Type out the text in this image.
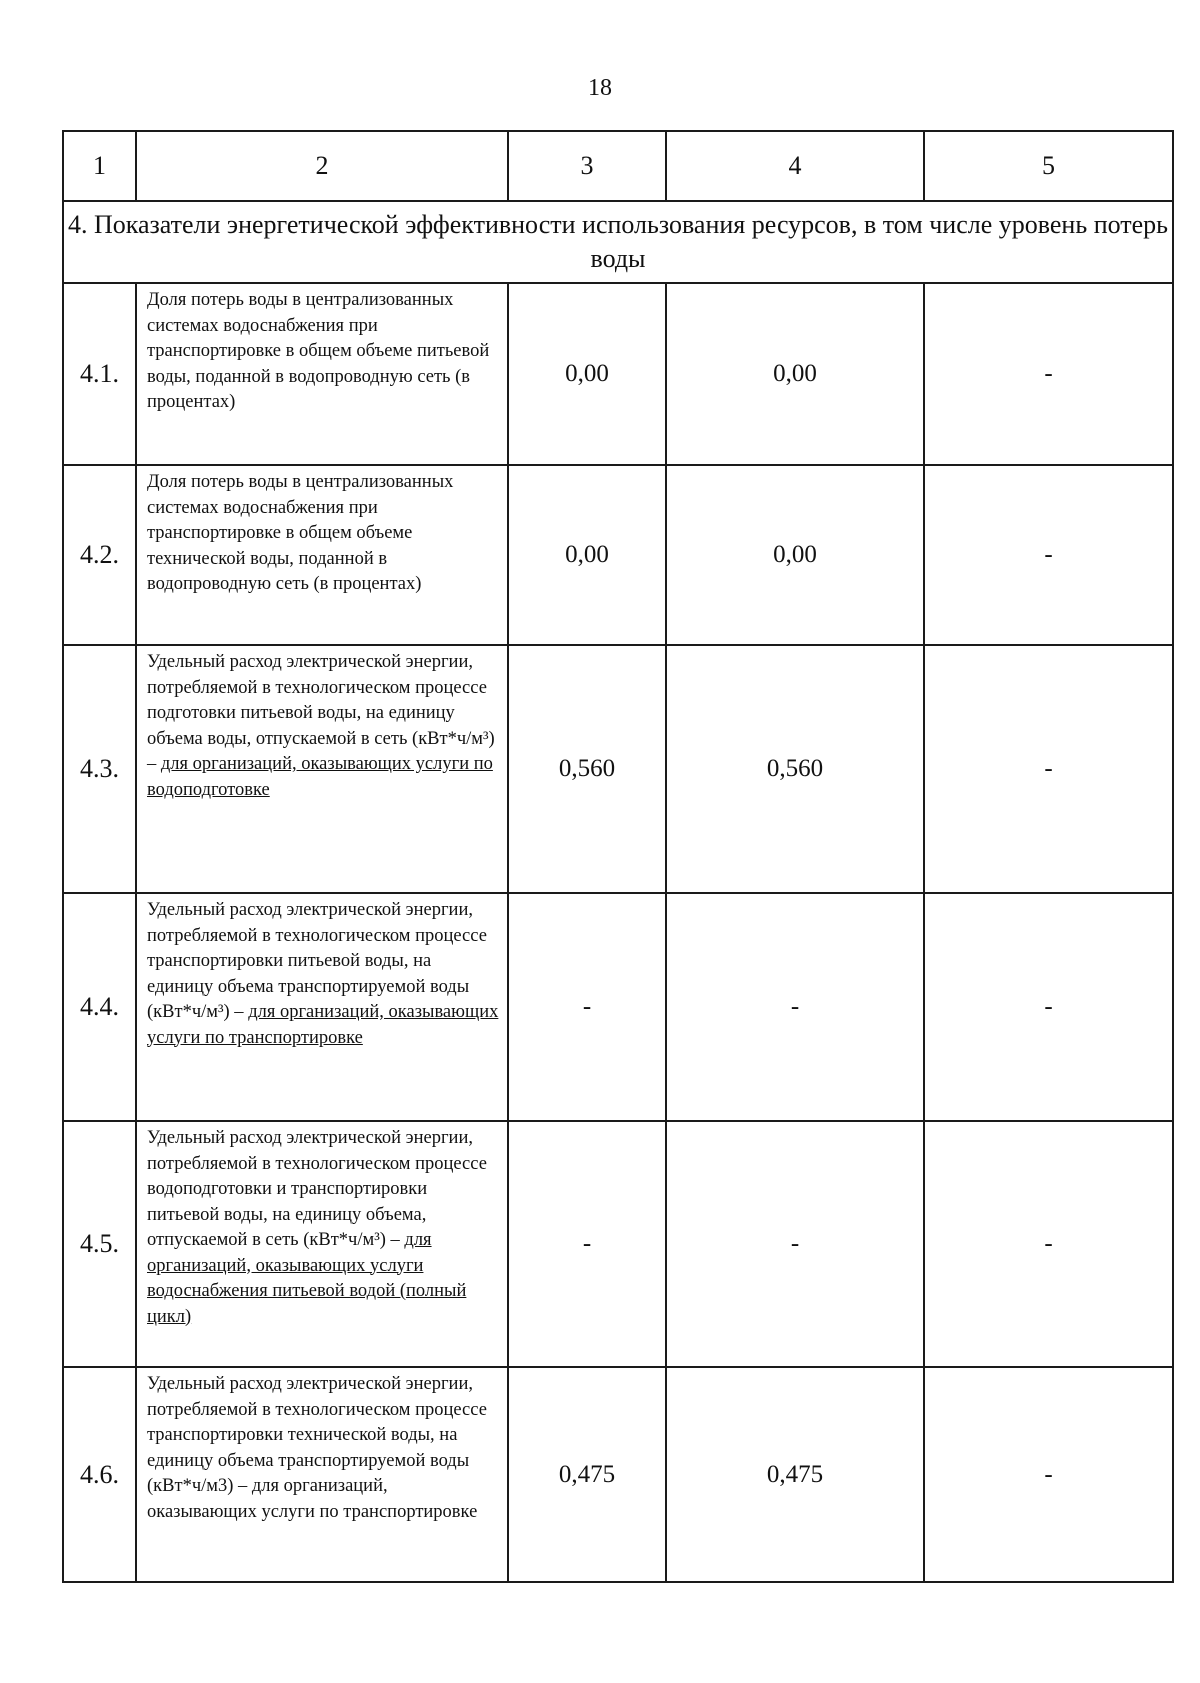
18
1	2	3	4	5
4. Показатели энергетической эффективности использования ресурсов, в том числе уровень потерь воды				
4.1.	Доля потерь воды в централизованных системах водоснабжения при транспортировке в общем объеме питьевой воды, поданной в водопроводную сеть (в процентах)	0,00	0,00	-
4.2.	Доля потерь воды в централизованных системах водоснабжения при транспортировке в общем объеме технической воды, поданной в водопроводную сеть (в процентах)	0,00	0,00	-
4.3.	Удельный расход электрической энергии, потребляемой в технологическом процессе подготовки питьевой воды, на единицу объема воды, отпускаемой в сеть (кВт*ч/м³) – для организаций, оказывающих услуги по водоподготовке	0,560	0,560	-
4.4.	Удельный расход электрической энергии, потребляемой в технологическом процессе транспортировки питьевой воды, на единицу объема транспортируемой воды (кВт*ч/м³) – для организаций, оказывающих услуги по транспортировке	-	-	-
4.5.	Удельный расход электрической энергии, потребляемой в технологическом процессе водоподготовки и транспортировки питьевой воды, на единицу объема, отпускаемой в сеть (кВт*ч/м³) – для организаций, оказывающих услуги водоснабжения питьевой водой (полный цикл)	-	-	-
4.6.	Удельный расход электрической энергии, потребляемой в технологическом процессе транспортировки технической воды, на единицу объема транспортируемой воды (кВт*ч/м3) – для организаций, оказывающих услуги по транспортировке	0,475	0,475	-
